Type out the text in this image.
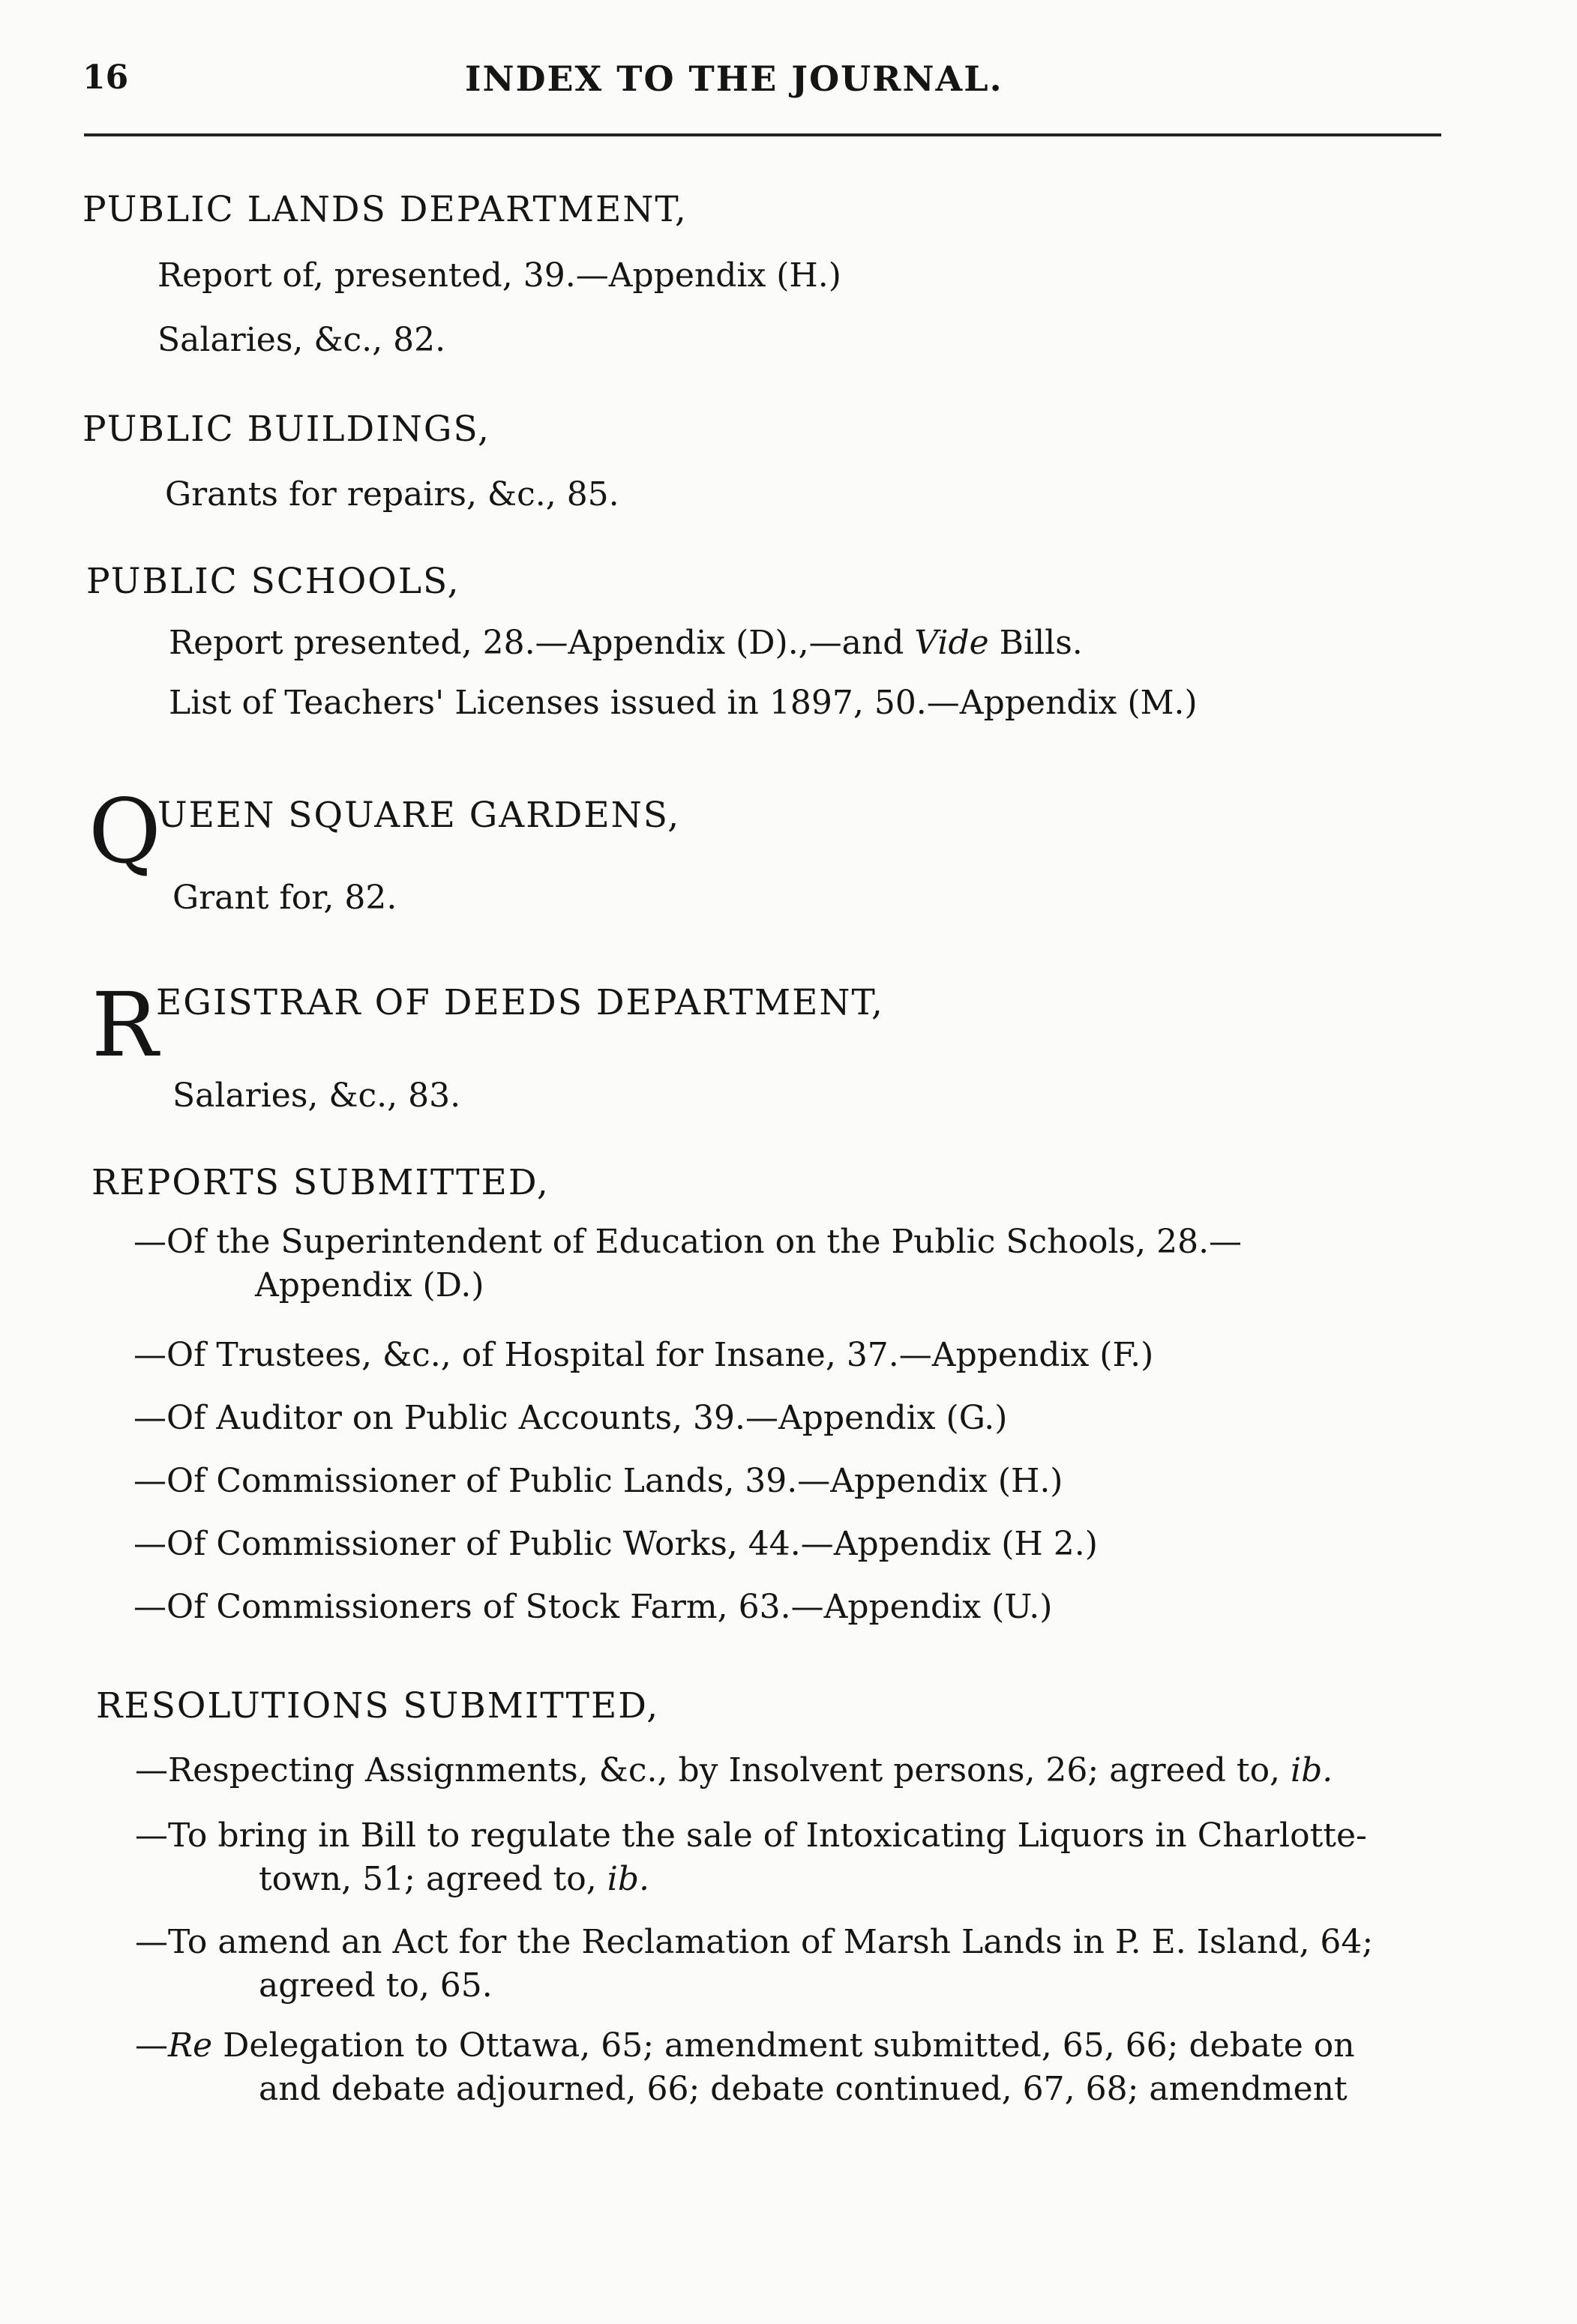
16	INDEX TO THE JOURNAL.
PUBLIC LANDS DEPARTMENT,
Report of, presented, 39.—Appendix (H.)
Salaries, &c., 82.
PUBLIC BUILDINGS,
Grants for repairs, &c., 85.
PUBLIC SCHOOLS,
Report presented, 28.—Appendix (D).,—and Vide Bills.
List of Teachers' Licenses issued in 1897, 50.—Appendix (M.)
Q
UEEN SQUARE GARDENS,
Grant for, 82.
R
EGISTRAR OF DEEDS DEPARTMENT,
Salaries, &c., 83.
REPORTS SUBMITTED,
—Of the Superintendent of Education on the Public Schools, 28.—
Appendix (D.)
—Of Trustees, &c., of Hospital for Insane, 37.—Appendix (F.)
—Of Auditor on Public Accounts, 39.—Appendix (G.)
—Of Commissioner of Public Lands, 39.—Appendix (H.)
—Of Commissioner of Public Works, 44.—Appendix (H 2.)
—Of Commissioners of Stock Farm, 63.—Appendix (U.)
RESOLUTIONS SUBMITTED,
—Respecting Assignments, &c., by Insolvent persons, 26; agreed to, ib.
—To bring in Bill to regulate the sale of Intoxicating Liquors in Charlotte-
town, 51; agreed to, ib.
—To amend an Act for the Reclamation of Marsh Lands in P. E. Island, 64;
agreed to, 65.
—Re Delegation to Ottawa, 65; amendment submitted, 65, 66; debate on
and debate adjourned, 66; debate continued, 67, 68; amendment
